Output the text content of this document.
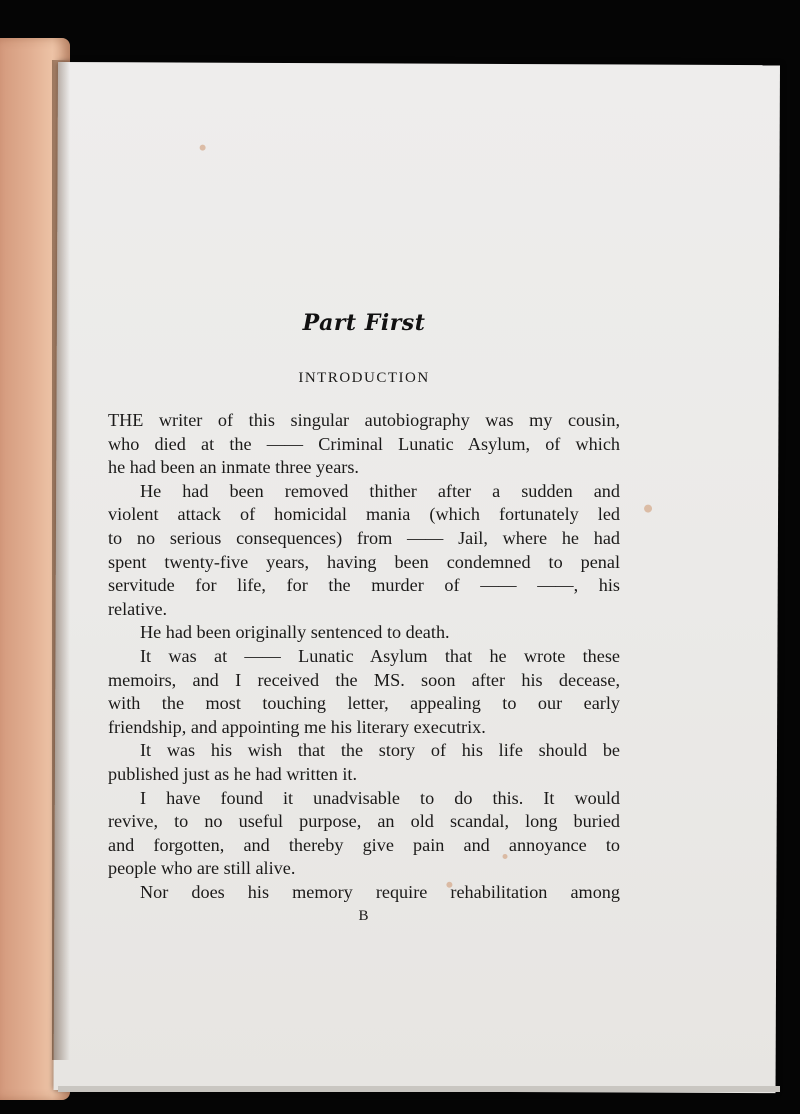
Part First
INTRODUCTION
THE writer of this singular autobiography was my cousin,
who died at the —— Criminal Lunatic Asylum, of which
he had been an inmate three years.
He had been removed thither after a sudden and
violent attack of homicidal mania (which fortunately led
to no serious consequences) from —— Jail, where he had
spent twenty-five years, having been condemned to penal
servitude for life, for the murder of —— ——, his
relative.
He had been originally sentenced to death.
It was at —— Lunatic Asylum that he wrote these
memoirs, and I received the MS. soon after his decease,
with the most touching letter, appealing to our early
friendship, and appointing me his literary executrix.
It was his wish that the story of his life should be
published just as he had written it.
I have found it unadvisable to do this. It would
revive, to no useful purpose, an old scandal, long buried
and forgotten, and thereby give pain and annoyance to
people who are still alive.
Nor does his memory require rehabilitation among
B
